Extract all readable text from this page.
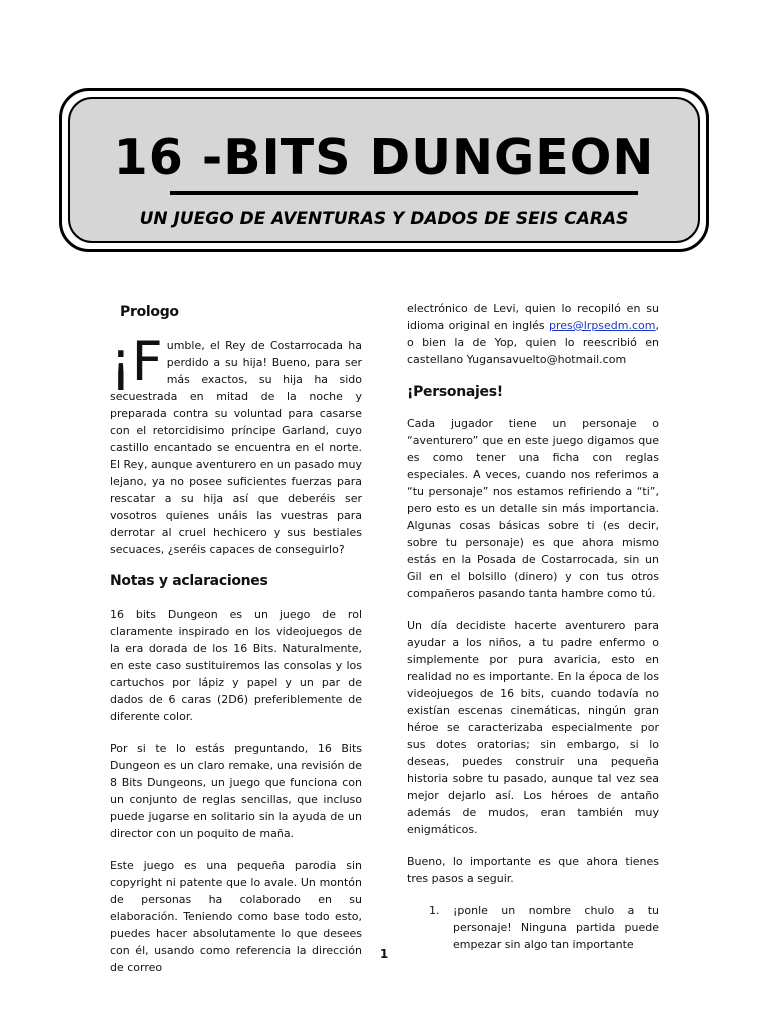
16 -BITS DUNGEON
UN JUEGO DE AVENTURAS Y DADOS DE SEIS CARAS
Prologo

¡F umble, el Rey de Costarrocada ha perdido a su hija! Bueno, para ser más exactos, su hija ha sido secuestrada en mitad de la noche y preparada contra su voluntad para casarse con el retorcidisimo príncipe Garland, cuyo castillo encantado se encuentra en el norte. El Rey, aunque aventurero en un pasado muy lejano, ya no posee suficientes fuerzas para rescatar a su hija así que deberéis ser vosotros quienes unáis las vuestras para derrotar al cruel hechicero y sus bestiales secuaces, ¿seréis capaces de conseguirlo?

Notas y aclaraciones

16 bits Dungeon es un juego de rol claramente inspirado en los videojuegos de la era dorada de los 16 Bits. Naturalmente, en este caso sustituiremos las consolas y los cartuchos por lápiz y papel y un par de dados de 6 caras (2D6) preferiblemente de diferente color.

Por si te lo estás preguntando, 16 Bits Dungeon es un claro remake, una revisión de 8 Bits Dungeons, un juego que funciona con un conjunto de reglas sencillas, que incluso puede jugarse en solitario sin la ayuda de un director con un poquito de maña.

Este juego es una pequeña parodia sin copyright ni patente que lo avale. Un montón de personas ha colaborado en su elaboración. Teniendo como base todo esto, puedes hacer absolutamente lo que desees con él, usando como referencia la dirección de correo

electrónico de Levi, quien lo recopiló en su idioma original en inglés pres@lrpsedm.com, o bien la de Yop, quien lo reescribió en castellano Yugansavuelto@hotmail.com

¡Personajes!

Cada jugador tiene un personaje o “aventurero” que en este juego digamos que es como tener una ficha con reglas especiales. A veces, cuando nos referimos a “tu personaje” nos estamos refiriendo a “ti”, pero esto es un detalle sin más importancia. Algunas cosas básicas sobre ti (es decir, sobre tu personaje) es que ahora mismo estás en la Posada de Costarrocada, sin un Gil en el bolsillo (dinero) y con tus otros compañeros pasando tanta hambre como tú.

Un día decidiste hacerte aventurero para ayudar a los niños, a tu padre enfermo o simplemente por pura avaricia, esto en realidad no es importante. En la época de los videojuegos de 16 bits, cuando todavía no existían escenas cinemáticas, ningún gran héroe se caracterizaba especialmente por sus dotes oratorias; sin embargo, si lo deseas, puedes construir una pequeña historia sobre tu pasado, aunque tal vez sea mejor dejarlo así. Los héroes de antaño además de mudos, eran también muy enigmáticos.

Bueno, lo importante es que ahora tienes tres pasos a seguir.

1.	¡ponle un nombre chulo a tu personaje! Ninguna partida puede empezar sin algo tan importante
1
